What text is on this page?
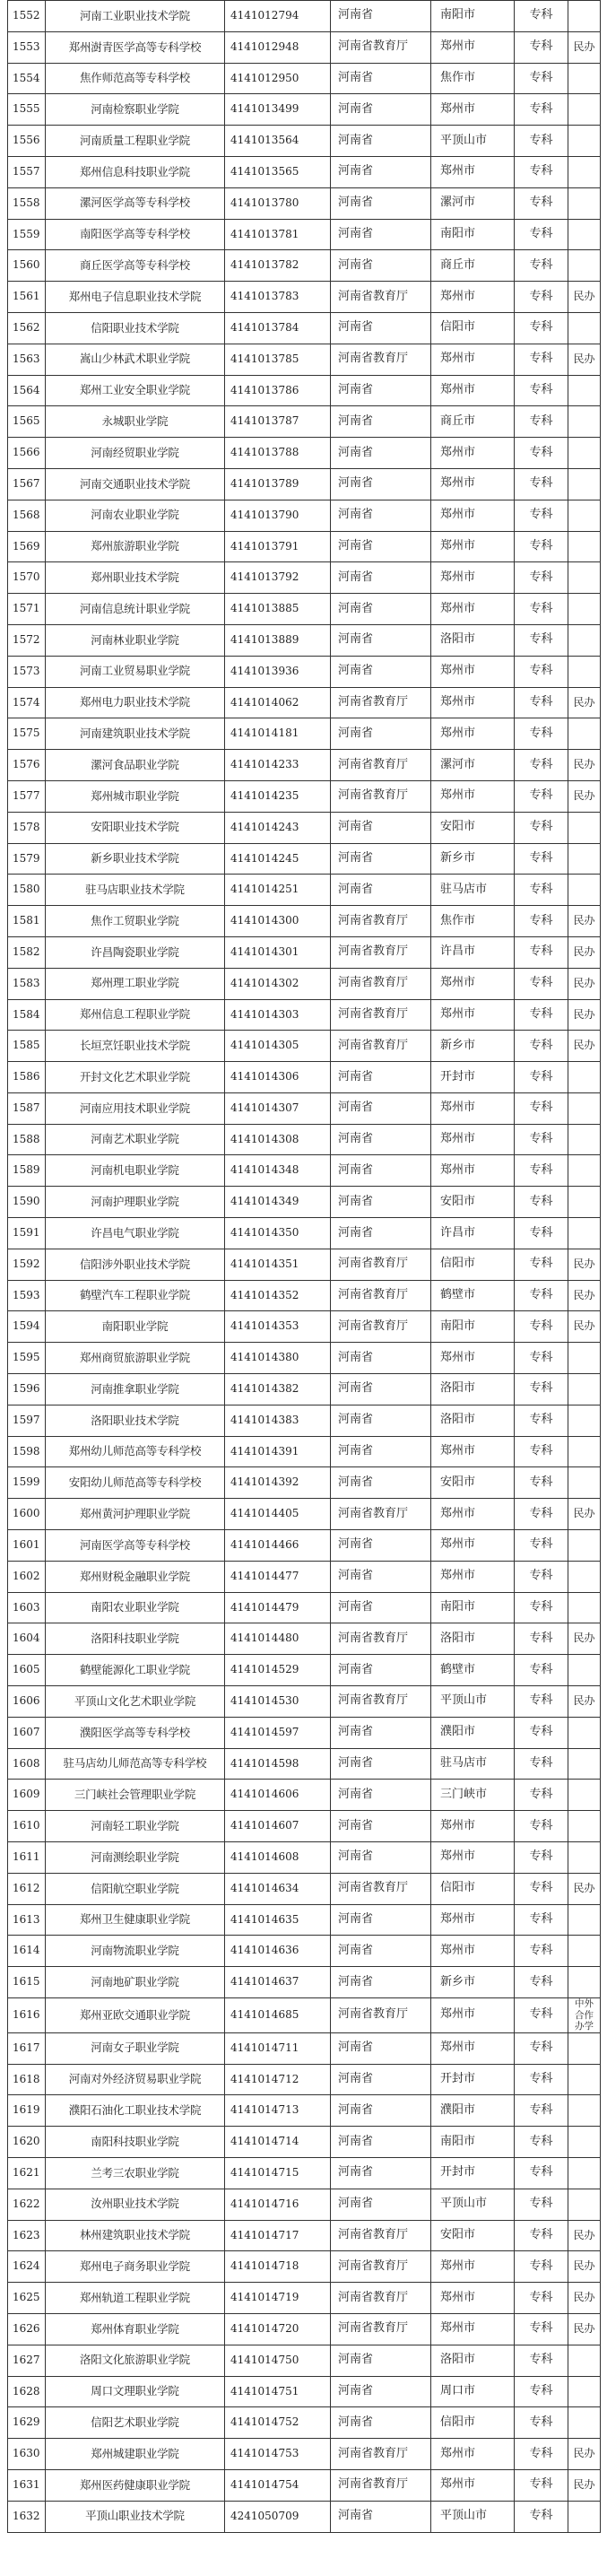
1552	河南工业职业技术学院	4141012794	河南省	南阳市	专科	
1553	郑州澍青医学高等专科学校	4141012948	河南省教育厅	郑州市	专科	民办
1554	焦作师范高等专科学校	4141012950	河南省	焦作市	专科	
1555	河南检察职业学院	4141013499	河南省	郑州市	专科	
1556	河南质量工程职业学院	4141013564	河南省	平顶山市	专科	
1557	郑州信息科技职业学院	4141013565	河南省	郑州市	专科	
1558	漯河医学高等专科学校	4141013780	河南省	漯河市	专科	
1559	南阳医学高等专科学校	4141013781	河南省	南阳市	专科	
1560	商丘医学高等专科学校	4141013782	河南省	商丘市	专科	
1561	郑州电子信息职业技术学院	4141013783	河南省教育厅	郑州市	专科	民办
1562	信阳职业技术学院	4141013784	河南省	信阳市	专科	
1563	嵩山少林武术职业学院	4141013785	河南省教育厅	郑州市	专科	民办
1564	郑州工业安全职业学院	4141013786	河南省	郑州市	专科	
1565	永城职业学院	4141013787	河南省	商丘市	专科	
1566	河南经贸职业学院	4141013788	河南省	郑州市	专科	
1567	河南交通职业技术学院	4141013789	河南省	郑州市	专科	
1568	河南农业职业学院	4141013790	河南省	郑州市	专科	
1569	郑州旅游职业学院	4141013791	河南省	郑州市	专科	
1570	郑州职业技术学院	4141013792	河南省	郑州市	专科	
1571	河南信息统计职业学院	4141013885	河南省	郑州市	专科	
1572	河南林业职业学院	4141013889	河南省	洛阳市	专科	
1573	河南工业贸易职业学院	4141013936	河南省	郑州市	专科	
1574	郑州电力职业技术学院	4141014062	河南省教育厅	郑州市	专科	民办
1575	河南建筑职业技术学院	4141014181	河南省	郑州市	专科	
1576	漯河食品职业学院	4141014233	河南省教育厅	漯河市	专科	民办
1577	郑州城市职业学院	4141014235	河南省教育厅	郑州市	专科	民办
1578	安阳职业技术学院	4141014243	河南省	安阳市	专科	
1579	新乡职业技术学院	4141014245	河南省	新乡市	专科	
1580	驻马店职业技术学院	4141014251	河南省	驻马店市	专科	
1581	焦作工贸职业学院	4141014300	河南省教育厅	焦作市	专科	民办
1582	许昌陶瓷职业学院	4141014301	河南省教育厅	许昌市	专科	民办
1583	郑州理工职业学院	4141014302	河南省教育厅	郑州市	专科	民办
1584	郑州信息工程职业学院	4141014303	河南省教育厅	郑州市	专科	民办
1585	长垣烹饪职业技术学院	4141014305	河南省教育厅	新乡市	专科	民办
1586	开封文化艺术职业学院	4141014306	河南省	开封市	专科	
1587	河南应用技术职业学院	4141014307	河南省	郑州市	专科	
1588	河南艺术职业学院	4141014308	河南省	郑州市	专科	
1589	河南机电职业学院	4141014348	河南省	郑州市	专科	
1590	河南护理职业学院	4141014349	河南省	安阳市	专科	
1591	许昌电气职业学院	4141014350	河南省	许昌市	专科	
1592	信阳涉外职业技术学院	4141014351	河南省教育厅	信阳市	专科	民办
1593	鹤壁汽车工程职业学院	4141014352	河南省教育厅	鹤壁市	专科	民办
1594	南阳职业学院	4141014353	河南省教育厅	南阳市	专科	民办
1595	郑州商贸旅游职业学院	4141014380	河南省	郑州市	专科	
1596	河南推拿职业学院	4141014382	河南省	洛阳市	专科	
1597	洛阳职业技术学院	4141014383	河南省	洛阳市	专科	
1598	郑州幼儿师范高等专科学校	4141014391	河南省	郑州市	专科	
1599	安阳幼儿师范高等专科学校	4141014392	河南省	安阳市	专科	
1600	郑州黄河护理职业学院	4141014405	河南省教育厅	郑州市	专科	民办
1601	河南医学高等专科学校	4141014466	河南省	郑州市	专科	
1602	郑州财税金融职业学院	4141014477	河南省	郑州市	专科	
1603	南阳农业职业学院	4141014479	河南省	南阳市	专科	
1604	洛阳科技职业学院	4141014480	河南省教育厅	洛阳市	专科	民办
1605	鹤壁能源化工职业学院	4141014529	河南省	鹤壁市	专科	
1606	平顶山文化艺术职业学院	4141014530	河南省教育厅	平顶山市	专科	民办
1607	濮阳医学高等专科学校	4141014597	河南省	濮阳市	专科	
1608	驻马店幼儿师范高等专科学校	4141014598	河南省	驻马店市	专科	
1609	三门峡社会管理职业学院	4141014606	河南省	三门峡市	专科	
1610	河南轻工职业学院	4141014607	河南省	郑州市	专科	
1611	河南测绘职业学院	4141014608	河南省	郑州市	专科	
1612	信阳航空职业学院	4141014634	河南省教育厅	信阳市	专科	民办
1613	郑州卫生健康职业学院	4141014635	河南省	郑州市	专科	
1614	河南物流职业学院	4141014636	河南省	郑州市	专科	
1615	河南地矿职业学院	4141014637	河南省	新乡市	专科	
1616	郑州亚欧交通职业学院	4141014685	河南省教育厅	郑州市	专科	中外合作办学
1617	河南女子职业学院	4141014711	河南省	郑州市	专科	
1618	河南对外经济贸易职业学院	4141014712	河南省	开封市	专科	
1619	濮阳石油化工职业技术学院	4141014713	河南省	濮阳市	专科	
1620	南阳科技职业学院	4141014714	河南省	南阳市	专科	
1621	兰考三农职业学院	4141014715	河南省	开封市	专科	
1622	汝州职业技术学院	4141014716	河南省	平顶山市	专科	
1623	林州建筑职业技术学院	4141014717	河南省教育厅	安阳市	专科	民办
1624	郑州电子商务职业学院	4141014718	河南省教育厅	郑州市	专科	民办
1625	郑州轨道工程职业学院	4141014719	河南省教育厅	郑州市	专科	民办
1626	郑州体育职业学院	4141014720	河南省教育厅	郑州市	专科	民办
1627	洛阳文化旅游职业学院	4141014750	河南省	洛阳市	专科	
1628	周口文理职业学院	4141014751	河南省	周口市	专科	
1629	信阳艺术职业学院	4141014752	河南省	信阳市	专科	
1630	郑州城建职业学院	4141014753	河南省教育厅	郑州市	专科	民办
1631	郑州医药健康职业学院	4141014754	河南省教育厅	郑州市	专科	民办
1632	平顶山职业技术学院	4241050709	河南省	平顶山市	专科	
